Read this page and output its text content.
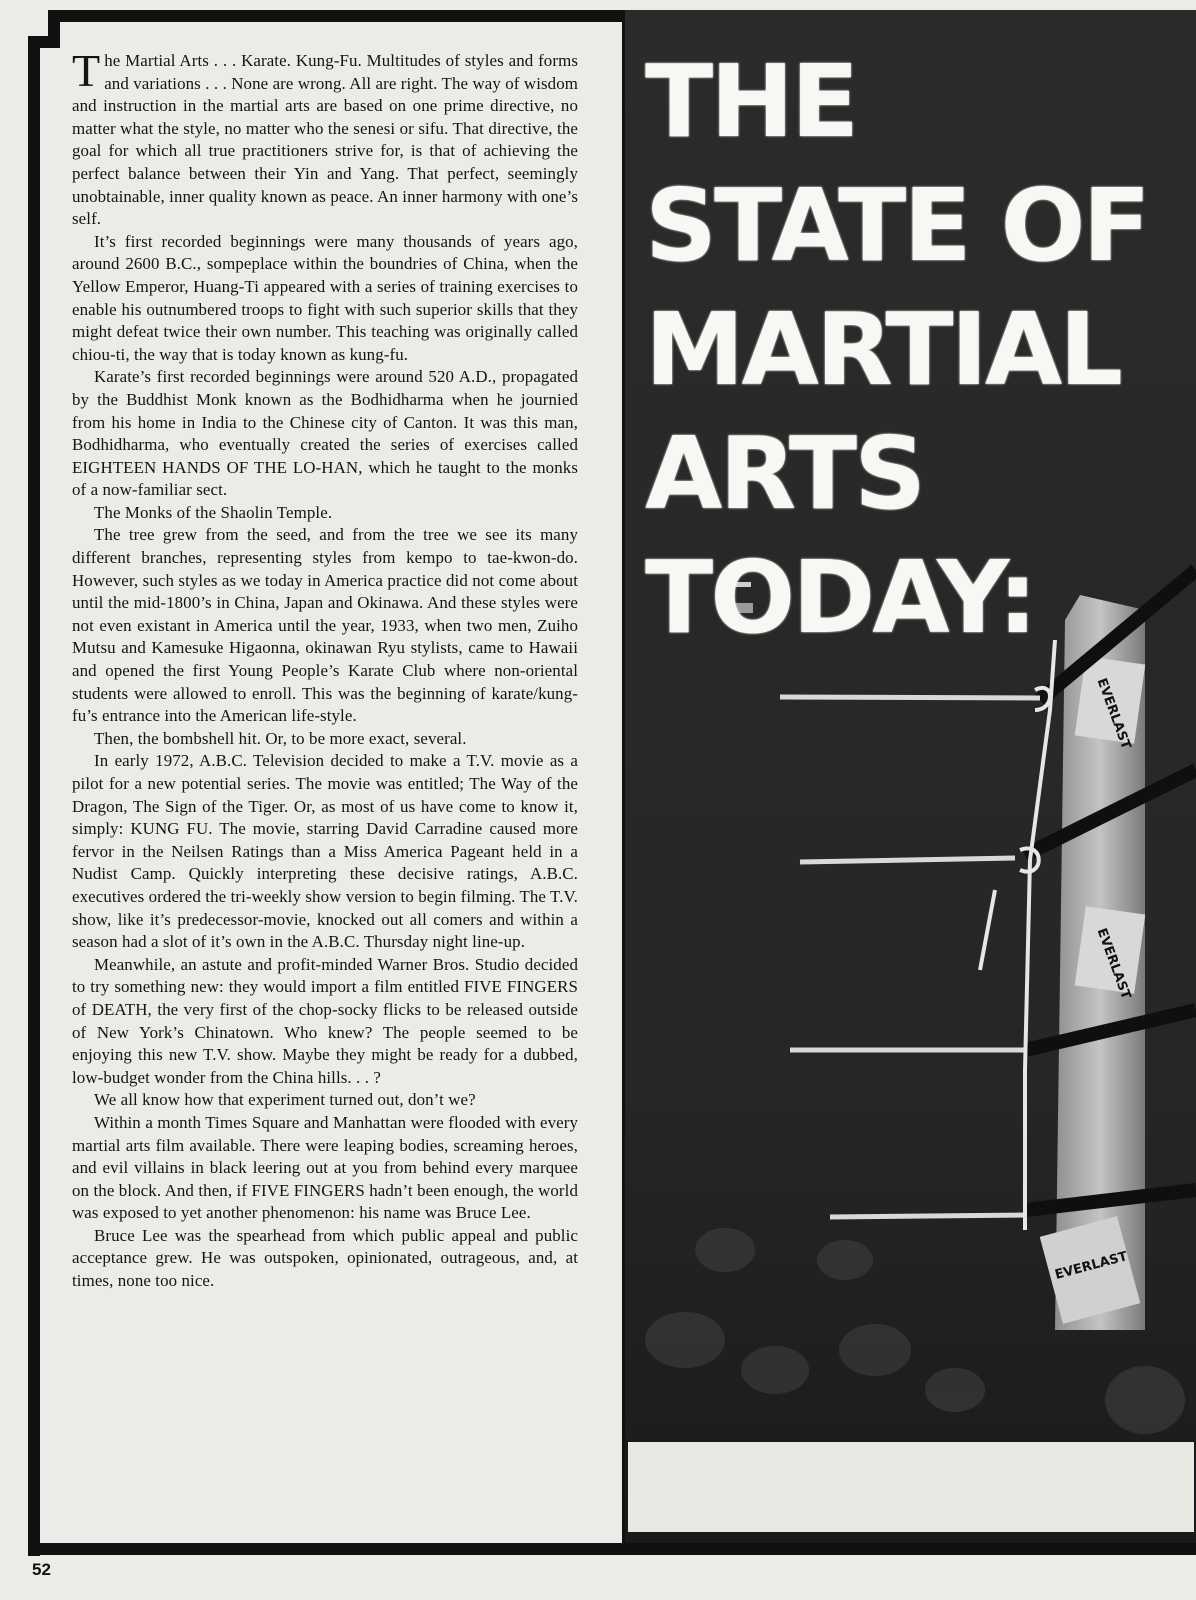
The Martial Arts . . . Karate. Kung-Fu. Multitudes of styles and forms and variations . . . None are wrong. All are right. The way of wisdom and instruction in the martial arts are based on one prime directive, no matter what the style, no matter who the senesi or sifu. That directive, the goal for which all true practitioners strive for, is that of achieving the perfect balance between their Yin and Yang. That perfect, seemingly unobtainable, inner quality known as peace. An inner harmony with one’s self.

It’s first recorded beginnings were many thousands of years ago, around 2600 B.C., sompeplace within the boundries of China, when the Yellow Emperor, Huang-Ti appeared with a series of training exercises to enable his outnumbered troops to fight with such superior skills that they might defeat twice their own number. This teaching was originally called chiou-ti, the way that is today known as kung-fu.

Karate’s first recorded beginnings were around 520 A.D., propagated by the Buddhist Monk known as the Bodhidharma when he journied from his home in India to the Chinese city of Canton. It was this man, Bodhidharma, who eventually created the series of exercises called EIGHTEEN HANDS OF THE LO-HAN, which he taught to the monks of a now-familiar sect.

The Monks of the Shaolin Temple.

The tree grew from the seed, and from the tree we see its many different branches, representing styles from kempo to tae-kwon-do. However, such styles as we today in America practice did not come about until the mid-1800’s in China, Japan and Okinawa. And these styles were not even existant in America until the year, 1933, when two men, Zuiho Mutsu and Kamesuke Higaonna, okinawan Ryu stylists, came to Hawaii and opened the first Young People’s Karate Club where non-oriental students were allowed to enroll. This was the beginning of karate/kung-fu’s entrance into the American life-style.

Then, the bombshell hit. Or, to be more exact, several.

In early 1972, A.B.C. Television decided to make a T.V. movie as a pilot for a new potential series. The movie was entitled; The Way of the Dragon, The Sign of the Tiger. Or, as most of us have come to know it, simply: KUNG FU. The movie, starring David Carradine caused more fervor in the Neilsen Ratings than a Miss America Pageant held in a Nudist Camp. Quickly interpreting these decisive ratings, A.B.C. executives ordered the tri-weekly show version to begin filming. The T.V. show, like it’s predecessor-movie, knocked out all comers and within a season had a slot of it’s own in the A.B.C. Thursday night line-up.

Meanwhile, an astute and profit-minded Warner Bros. Studio decided to try something new: they would import a film entitled FIVE FINGERS of DEATH, the very first of the chop-socky flicks to be released outside of New York’s Chinatown. Who knew? The people seemed to be enjoying this new T.V. show. Maybe they might be ready for a dubbed, low-budget wonder from the China hills. . . ?

We all know how that experiment turned out, don’t we?

Within a month Times Square and Manhattan were flooded with every martial arts film available. There were leaping bodies, screaming heroes, and evil villains in black leering out at you from behind every marquee on the block. And then, if FIVE FINGERS hadn’t been enough, the world was exposed to yet another phenomenon: his name was Bruce Lee.

Bruce Lee was the spearhead from which public appeal and public acceptance grew. He was outspoken, opinionated, outrageous, and, at times, none too nice.

EVERLAST
EVERLAST
EVERLAST
THE STATE OF MARTIAL ARTS TODAY:
52
